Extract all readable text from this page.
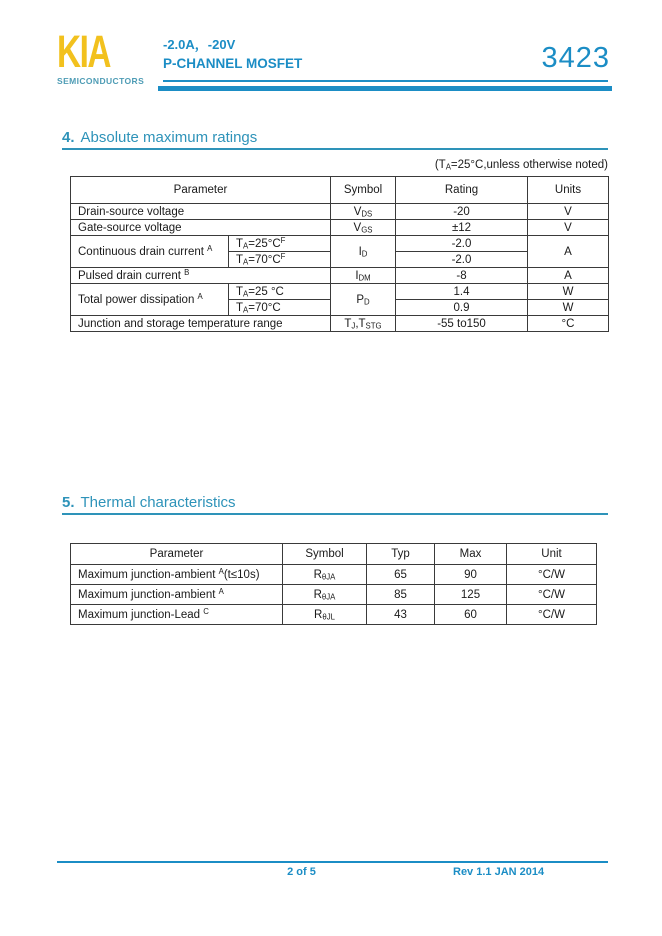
KIA
SEMICONDUCTORS
-2.0A，-20V
P-CHANNEL MOSFET	3423
4. Absolute maximum ratings
($T_A=25^\circ C,unless$ otherwise noted)
Parameter		Symbol	Rating	Units
Drain-source voltage		$V_{DS}$	-20	V
Gate-source voltage		$V_{GS}$	±12	V
Continuous drain current $^A$	$T_A=25^\circ C^F$	$I_D$	-2.0	A
	$T_A=70^\circ C^F$		-2.0	
Pulsed drain current $^B$		$I_{DM}$	-8	A
Total power dissipation $^A$	$T_A=25$ °C	$P_D$	1.4	W
	$T_A=70^\circ C$		0.9	W
Junction and storage temperature range		$T_J,T_{STG}$	-55 to150	°C
5. Thermal characteristics
Parameter	Symbol	Typ	Max	Unit
Maximum junction-ambient $^A$(t≤10s)	$R_{\theta JA}$	65	90	°C/W
Maximum junction-ambient $^A$	$R_{\theta JA}$	85	125	°C/W
Maximum junction-Lead $^C$	$R_{\theta JL}$	43	60	°C/W
2 of 5	Rev 1.1 JAN 2014
